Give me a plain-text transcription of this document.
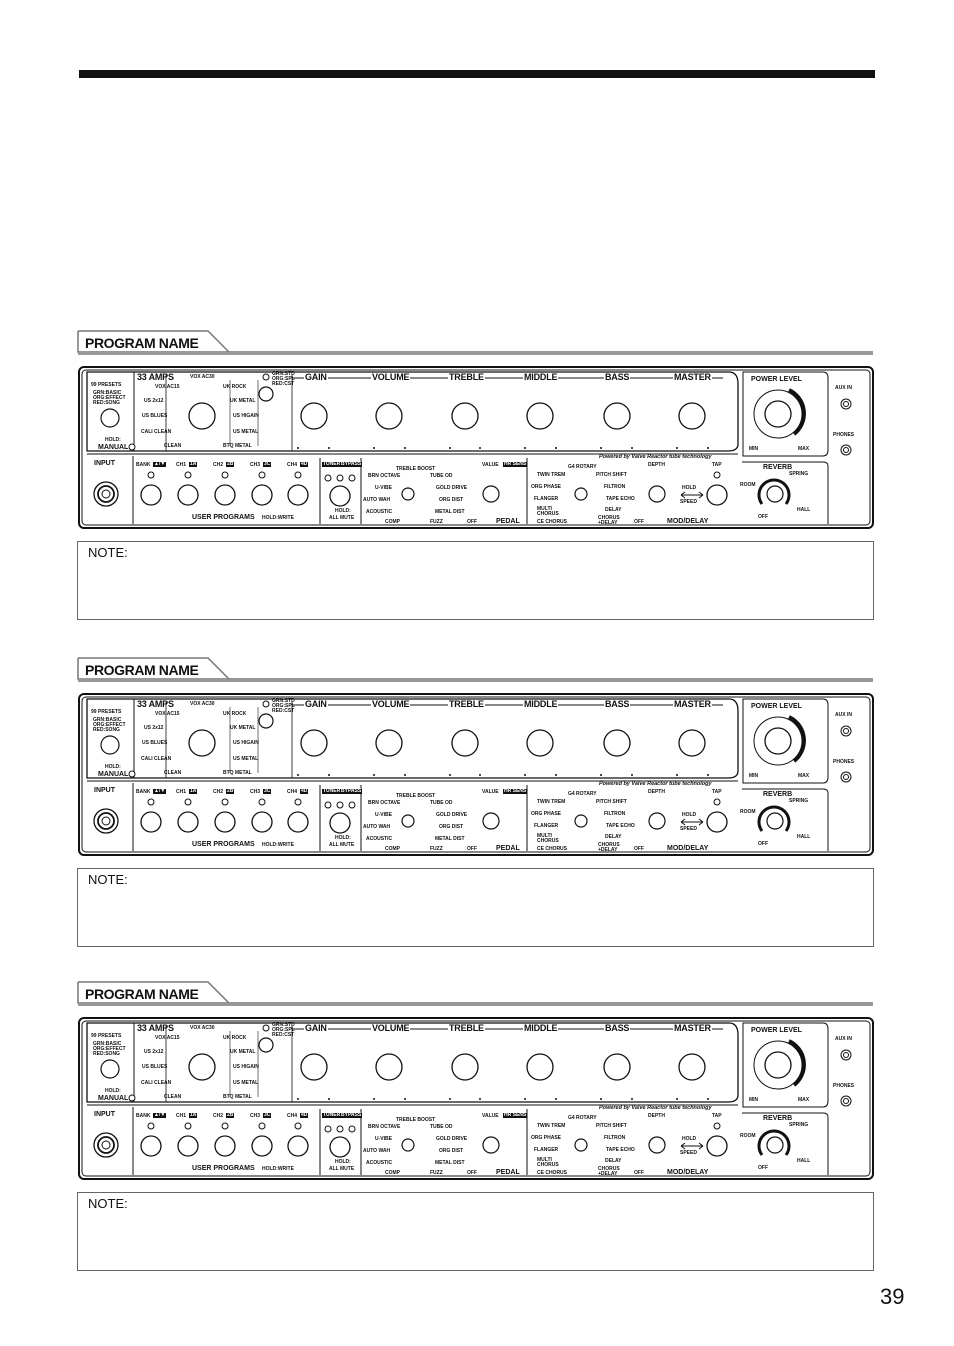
PROGRAM NAME
99 PRESETS
GRN:BASIC
ORG:EFFECT
RED:SONG
HOLD:
MANUAL
33 AMPS	VOX AC30
VOX AC15
US 2x12
US BLUES
CALI CLEAN
CLEAN
UK ROCK
UK METAL
US HIGAIN
US METAL
BTQ METAL
GRN:STD
ORG:SPL
RED:CST
GAIN	VOLUME	TREBLE	MIDDLE	BASS	MASTER
Powered by Valve Reactor tube technology
POWER LEVEL
MIN	MAX
AUX IN
PHONES
INPUT	BANK ▲/▼ CH1 1A	CH2 2B	CH3 3C	CH4 4D
USER PROGRAMS HOLD:WRITE
TUNER BYPASS
HOLD:
ALL MUTE
TREBLE BOOST
BRN OCTAVE
U-VIBE
AUTO WAH
ACOUSTIC
COMP
TUBE OD
GOLD DRIVE
ORG DIST
METAL DIST
FUZZ	OFF
VALUE HR SENS
PEDAL
G4 ROTARY
TWIN TREM
ORG PHASE
FLANGER
MULTI CHORUS
CE CHORUS
PITCH SHIFT
FILTRON
TAPE ECHO
DELAY
CHORUS +DELAY	OFF
DEPTH	TAP
HOLD
SPEED
MOD/DELAY
REVERB
SPRING
ROOM
HALL
OFF
NOTE:
PROGRAM NAME
99 PRESETS
GRN:BASIC
ORG:EFFECT
RED:SONG
HOLD:
MANUAL
33 AMPS	VOX AC30
VOX AC15
US 2x12
US BLUES
CALI CLEAN
CLEAN
UK ROCK
UK METAL
US HIGAIN
US METAL
BTQ METAL
GRN:STD
ORG:SPL
RED:CST
GAIN	VOLUME	TREBLE	MIDDLE	BASS	MASTER
Powered by Valve Reactor tube technology
POWER LEVEL
MIN	MAX
AUX IN
PHONES
INPUT	BANK ▲/▼ CH1 1A	CH2 2B	CH3 3C	CH4 4D
USER PROGRAMS HOLD:WRITE
TUNER BYPASS
HOLD:
ALL MUTE
TREBLE BOOST
BRN OCTAVE
U-VIBE
AUTO WAH
ACOUSTIC
COMP
TUBE OD
GOLD DRIVE
ORG DIST
METAL DIST
FUZZ	OFF
VALUE HR SENS
PEDAL
G4 ROTARY
TWIN TREM
ORG PHASE
FLANGER
MULTI CHORUS
CE CHORUS
PITCH SHIFT
FILTRON
TAPE ECHO
DELAY
CHORUS +DELAY	OFF
DEPTH	TAP
HOLD
SPEED
MOD/DELAY
REVERB
SPRING
ROOM
HALL
OFF
NOTE:
PROGRAM NAME
99 PRESETS
GRN:BASIC
ORG:EFFECT
RED:SONG
HOLD:
MANUAL
33 AMPS	VOX AC30
VOX AC15
US 2x12
US BLUES
CALI CLEAN
CLEAN
UK ROCK
UK METAL
US HIGAIN
US METAL
BTQ METAL
GRN:STD
ORG:SPL
RED:CST
GAIN	VOLUME	TREBLE	MIDDLE	BASS	MASTER
Powered by Valve Reactor tube technology
POWER LEVEL
MIN	MAX
AUX IN
PHONES
INPUT	BANK ▲/▼ CH1 1A	CH2 2B	CH3 3C	CH4 4D
USER PROGRAMS HOLD:WRITE
TUNER BYPASS
HOLD:
ALL MUTE
TREBLE BOOST
BRN OCTAVE
U-VIBE
AUTO WAH
ACOUSTIC
COMP
TUBE OD
GOLD DRIVE
ORG DIST
METAL DIST
FUZZ	OFF
VALUE HR SENS
PEDAL
G4 ROTARY
TWIN TREM
ORG PHASE
FLANGER
MULTI CHORUS
CE CHORUS
PITCH SHIFT
FILTRON
TAPE ECHO
DELAY
CHORUS +DELAY	OFF
DEPTH	TAP
HOLD
SPEED
MOD/DELAY
REVERB
SPRING
ROOM
HALL
OFF
NOTE:
39
